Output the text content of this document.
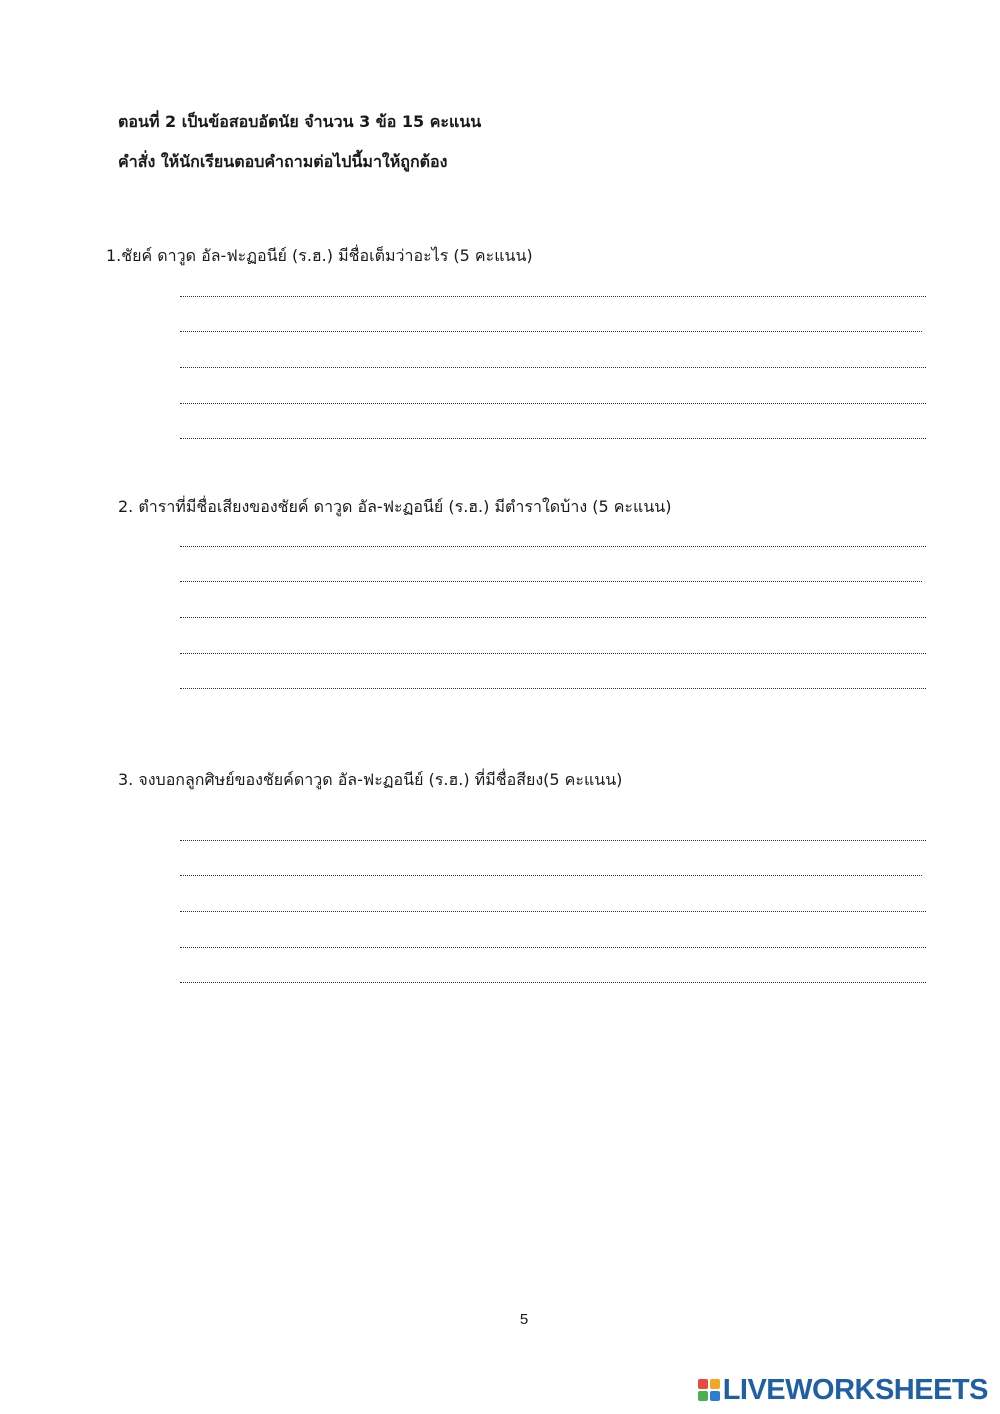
ตอนที่ 2 เป็นข้อสอบอัตนัย จำนวน 3 ข้อ 15 คะแนน
คำสั่ง ให้นักเรียนตอบคำถามต่อไปนี้มาให้ถูกต้อง
1.ชัยค์ ดาวูด อัล-ฟะฏอนีย์ (ร.ฮ.) มีชื่อเต็มว่าอะไร (5 คะแนน)
2. ตำราที่มีชื่อเสียงของชัยค์ ดาวูด อัล-ฟะฏอนีย์ (ร.ฮ.) มีตำราใดบ้าง (5 คะแนน)
3. จงบอกลูกศิษย์ของชัยค์ดาวูด อัล-ฟะฏอนีย์ (ร.ฮ.) ที่มีชื่อสียง(5 คะแนน)
5
LIVEWORKSHEETS
